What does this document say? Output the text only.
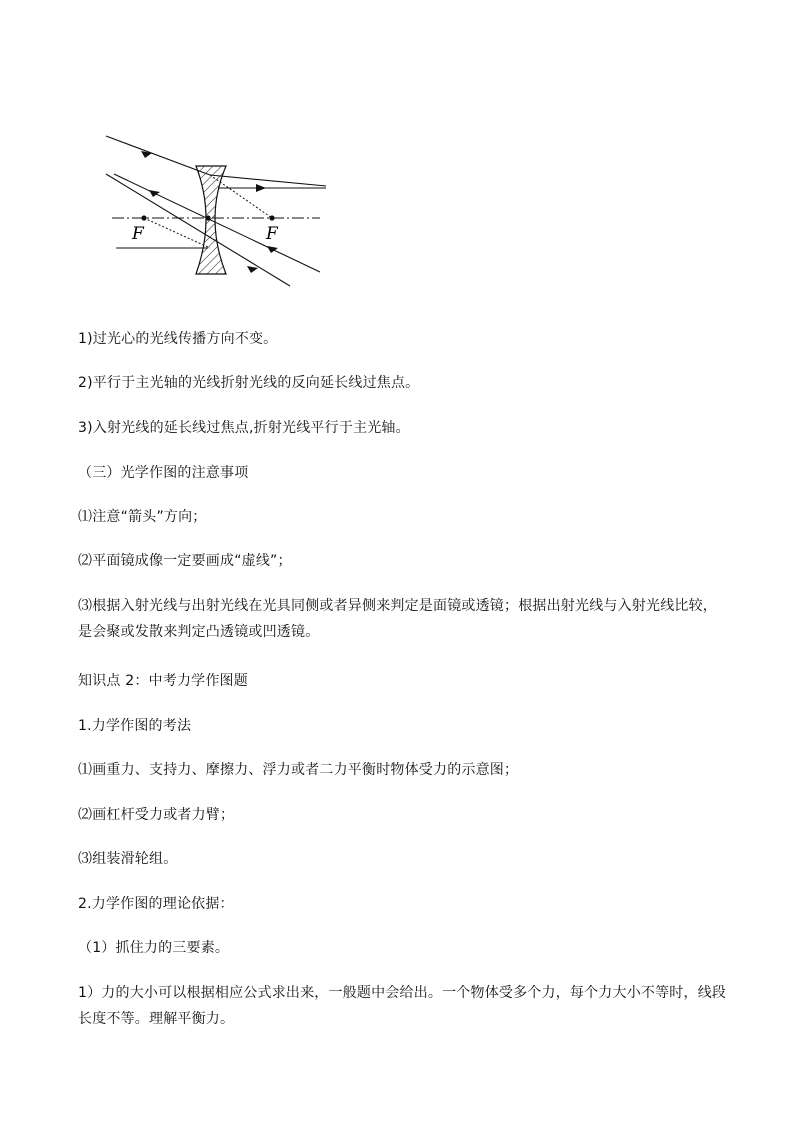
F	F
1)过光心的光线传播方向不变。
2)平行于主光轴的光线折射光线的反向延长线过焦点。
3)入射光线的延长线过焦点,折射光线平行于主光轴。
（三）光学作图的注意事项
⑴注意“箭头”方向；
⑵平面镜成像一定要画成“虚线”；
⑶根据入射光线与出射光线在光具同侧或者异侧来判定是面镜或透镜；根据出射光线与入射光线比较，是会聚或发散来判定凸透镜或凹透镜。
知识点 2：中考力学作图题
1.力学作图的考法
⑴画重力、支持力、摩擦力、浮力或者二力平衡时物体受力的示意图；
⑵画杠杆受力或者力臂；
⑶组装滑轮组。
2.力学作图的理论依据：
（1）抓住力的三要素。
1）力的大小可以根据相应公式求出来，一般题中会给出。一个物体受多个力，每个力大小不等时，线段长度不等。理解平衡力。
